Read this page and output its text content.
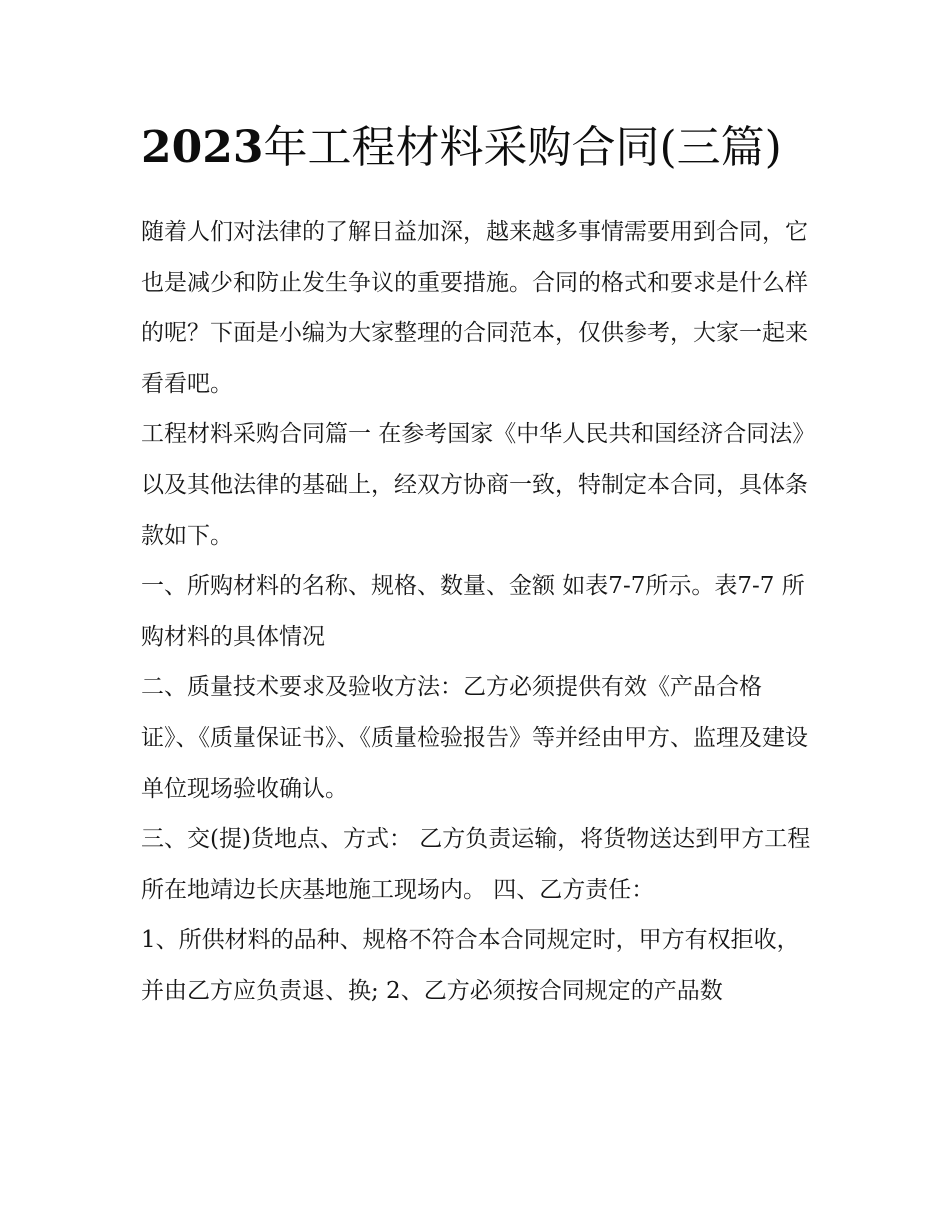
2023年工程材料采购合同(三篇)

随着人们对法律的了解日益加深，越来越多事情需要用到合同，它也是减少和防止发生争议的重要措施。合同的格式和要求是什么样的呢？下面是小编为大家整理的合同范本，仅供参考，大家一起来看看吧。

工程材料采购合同篇一 在参考国家《中华人民共和国经济合同法》以及其他法律的基础上，经双方协商一致，特制定本合同，具体条款如下。

一、所购材料的名称、规格、数量、金额 如表7-7所示。表7-7 所购材料的具体情况

二、质量技术要求及验收方法：乙方必须提供有效《产品合格证》、《质量保证书》、《质量检验报告》等并经由甲方、监理及建设单位现场验收确认。

三、交(提)货地点、方式： 乙方负责运输，将货物送达到甲方工程所在地靖边长庆基地施工现场内。 四、乙方责任：

1、所供材料的品种、规格不符合本合同规定时，甲方有权拒收，并由乙方应负责退、换; 2、乙方必须按合同规定的产品数
